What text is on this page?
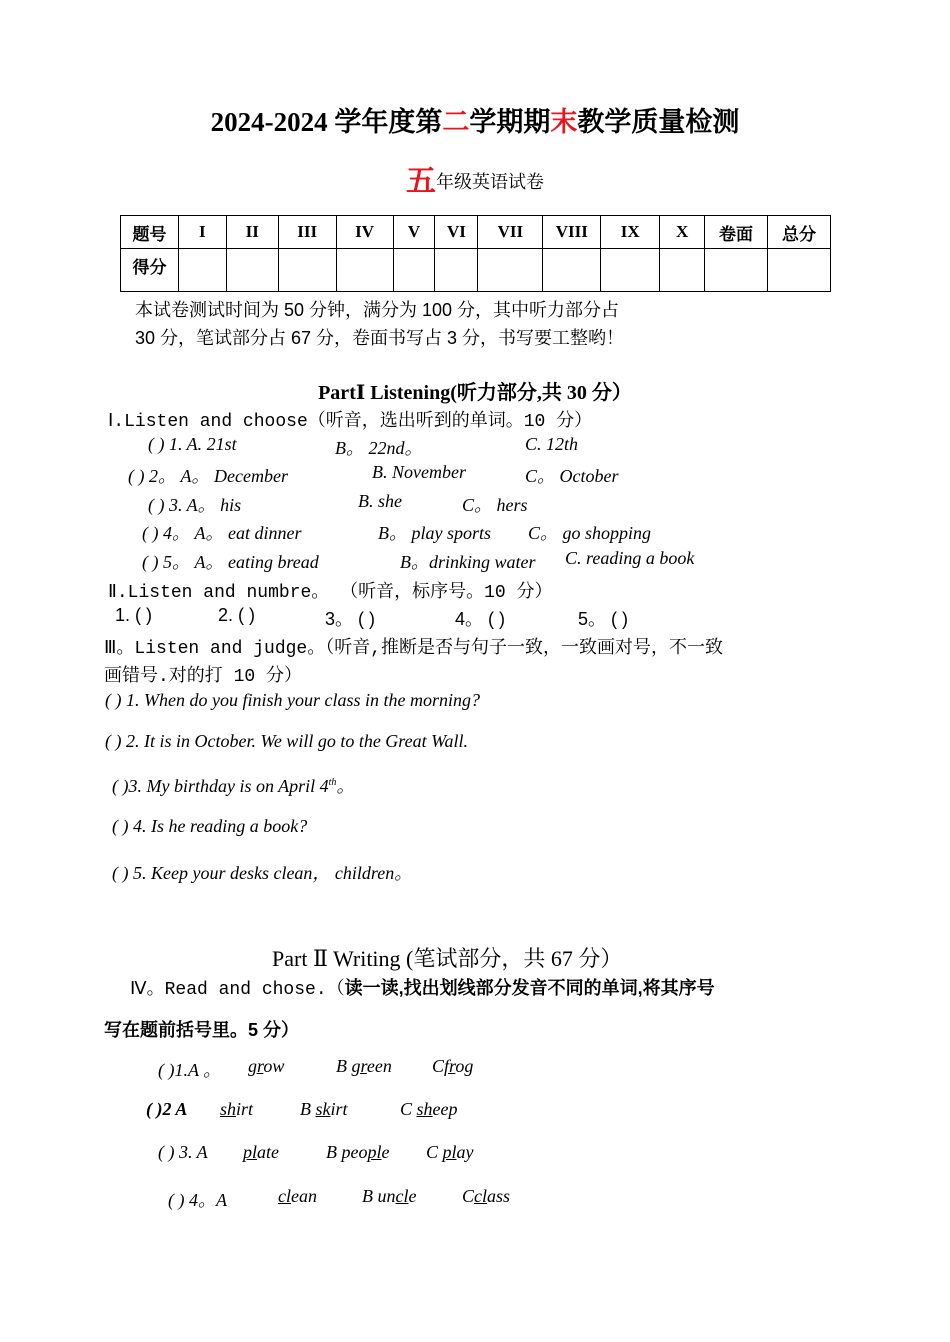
2024-2024 学年度第二学期期末教学质量检测
五年级英语试卷
题号	I	II	III	IV	V	VI	VII	VIII	IX	X	卷面	总分
得分												
本试卷测试时间为 50 分钟，满分为 100 分，其中听力部分占
30 分，笔试部分占 67 分，卷面书写占 3 分，书写要工整哟！
PartⅠ Listening(听力部分,共 30 分）
Ⅰ.Listen and choose（听音，选出听到的单词。10 分）
( ) 1. A. 21st	B。 22nd。	C. 12th
( ) 2。 A。 December	B. November	C。 October
( ) 3. A。 his	B. she	C。 hers
( ) 4。 A。 eat dinner	B。 play sports C。 go shopping
( ) 5。 A。 eating bread	B。drinking water C. reading a book
Ⅱ.Listen and numbre。 （听音，标序号。10 分）
1. ( )	2. ( )	3。 ( )	4。 ( )	5。 ( )
Ⅲ。Listen and judge。（听音,推断是否与句子一致，一致画对号，不一致
画错号.对的打 10 分）
( ) 1. When do you finish your class in the morning?
( ) 2. It is in October. We will go to the Great Wall.
( )3. My birthday is on April 4th。
( ) 4. Is he reading a book?
( ) 5. Keep your desks clean， children。
Part Ⅱ Writing (笔试部分，共 67 分）
Ⅳ。Read and chose.（读一读,找出划线部分发音不同的单词,将其序号
写在题前括号里。5 分）
( )1.A 。 grow	B green Cfrog
( )2 A shirt	B skirt	C sheep
( ) 3. A plate	B people C play
( ) 4。A	clean	B uncle	Cclass
